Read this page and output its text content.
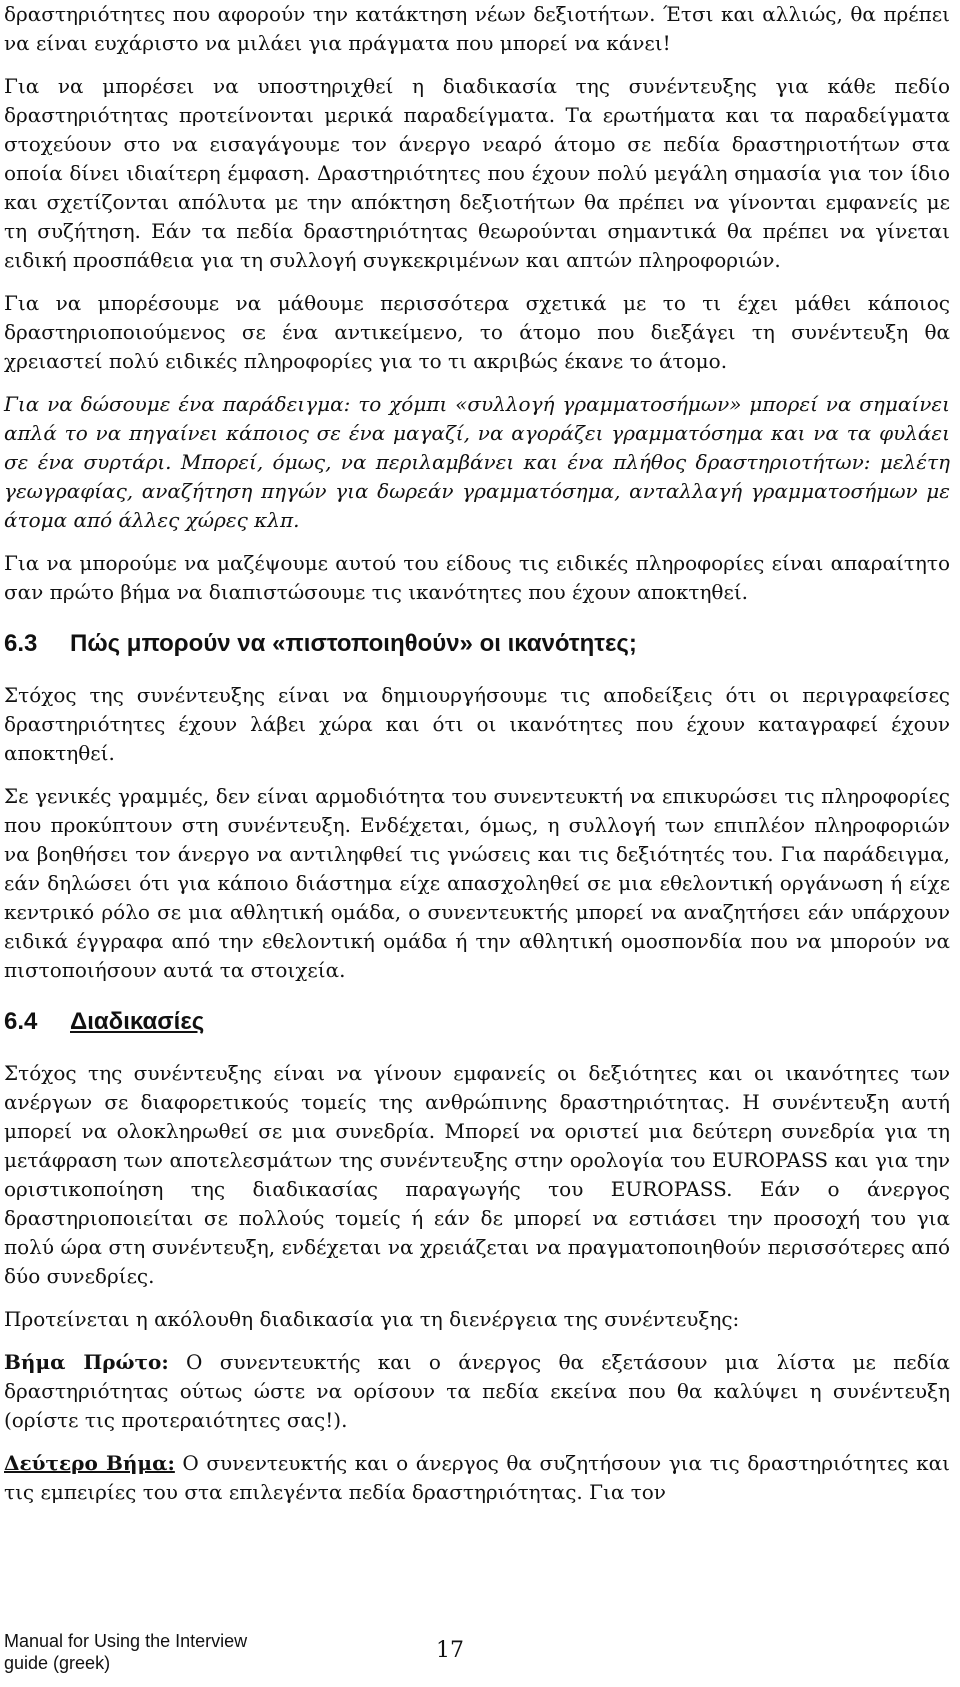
δραστηριότητες που αφορούν την κατάκτηση νέων δεξιοτήτων. Έτσι και αλλιώς, θα πρέπει να είναι ευχάριστο να μιλάει για πράγματα που μπορεί να κάνει!

Για να μπορέσει να υποστηριχθεί η διαδικασία της συνέντευξης για κάθε πεδίο δραστηριότητας προτείνονται μερικά παραδείγματα. Τα ερωτήματα και τα παραδείγματα στοχεύουν στο να εισαγάγουμε τον άνεργο νεαρό άτομο σε πεδία δραστηριοτήτων στα οποία δίνει ιδιαίτερη έμφαση. Δραστηριότητες που έχουν πολύ μεγάλη σημασία για τον ίδιο και σχετίζονται απόλυτα με την απόκτηση δεξιοτήτων θα πρέπει να γίνονται εμφανείς με τη συζήτηση. Εάν τα πεδία δραστηριότητας θεωρούνται σημαντικά θα πρέπει να γίνεται ειδική προσπάθεια για τη συλλογή συγκεκριμένων και απτών πληροφοριών.

Για να μπορέσουμε να μάθουμε περισσότερα σχετικά με το τι έχει μάθει κάποιος δραστηριοποιούμενος σε ένα αντικείμενο, το άτομο που διεξάγει τη συνέντευξη θα χρειαστεί πολύ ειδικές πληροφορίες για το τι ακριβώς έκανε το άτομο.

Για να δώσουμε ένα παράδειγμα: το χόμπι «συλλογή γραμματοσήμων» μπορεί να σημαίνει απλά το να πηγαίνει κάποιος σε ένα μαγαζί, να αγοράζει γραμματόσημα και να τα φυλάει σε ένα συρτάρι. Μπορεί, όμως, να περιλαμβάνει και ένα πλήθος δραστηριοτήτων: μελέτη γεωγραφίας, αναζήτηση πηγών για δωρεάν γραμματόσημα, ανταλλαγή γραμματοσήμων με άτομα από άλλες χώρες κλπ.

Για να μπορούμε να μαζέψουμε αυτού του είδους τις ειδικές πληροφορίες είναι απαραίτητο σαν πρώτο βήμα να διαπιστώσουμε τις ικανότητες που έχουν αποκτηθεί.

6.3	Πώς μπορούν να «πιστοποιηθούν» οι ικανότητες;

Στόχος της συνέντευξης είναι να δημιουργήσουμε τις αποδείξεις ότι οι περιγραφείσες δραστηριότητες έχουν λάβει χώρα και ότι οι ικανότητες που έχουν καταγραφεί έχουν αποκτηθεί.

Σε γενικές γραμμές, δεν είναι αρμοδιότητα του συνεντευκτή να επικυρώσει τις πληροφορίες που προκύπτουν στη συνέντευξη. Ενδέχεται, όμως, η συλλογή των επιπλέον πληροφοριών να βοηθήσει τον άνεργο να αντιληφθεί τις γνώσεις και τις δεξιότητές του. Για παράδειγμα, εάν δηλώσει ότι για κάποιο διάστημα είχε απασχοληθεί σε μια εθελοντική οργάνωση ή είχε κεντρικό ρόλο σε μια αθλητική ομάδα, ο συνεντευκτής μπορεί να αναζητήσει εάν υπάρχουν ειδικά έγγραφα από την εθελοντική ομάδα ή την αθλητική ομοσπονδία που να μπορούν να πιστοποιήσουν αυτά τα στοιχεία.

6.4	Διαδικασίες

Στόχος της συνέντευξης είναι να γίνουν εμφανείς οι δεξιότητες και οι ικανότητες των ανέργων σε διαφορετικούς τομείς της ανθρώπινης δραστηριότητας. Η συνέντευξη αυτή μπορεί να ολοκληρωθεί σε μια συνεδρία. Μπορεί να οριστεί μια δεύτερη συνεδρία για τη μετάφραση των αποτελεσμάτων της συνέντευξης στην ορολογία του EUROPASS και για την οριστικοποίηση της διαδικασίας παραγωγής του EUROPASS. Εάν ο άνεργος δραστηριοποιείται σε πολλούς τομείς ή εάν δε μπορεί να εστιάσει την προσοχή του για πολύ ώρα στη συνέντευξη, ενδέχεται να χρειάζεται να πραγματοποιηθούν περισσότερες από δύο συνεδρίες.

Προτείνεται η ακόλουθη διαδικασία για τη διενέργεια της συνέντευξης:

Βήμα Πρώτο: Ο συνεντευκτής και ο άνεργος θα εξετάσουν μια λίστα με πεδία δραστηριότητας ούτως ώστε να ορίσουν τα πεδία εκείνα που θα καλύψει η συνέντευξη (ορίστε τις προτεραιότητες σας!).

Δεύτερο Βήμα: Ο συνεντευκτής και ο άνεργος θα συζητήσουν για τις δραστηριότητες και τις εμπειρίες του στα επιλεγέντα πεδία δραστηριότητας. Για τον

Manual for Using the Interview guide (greek)	17
